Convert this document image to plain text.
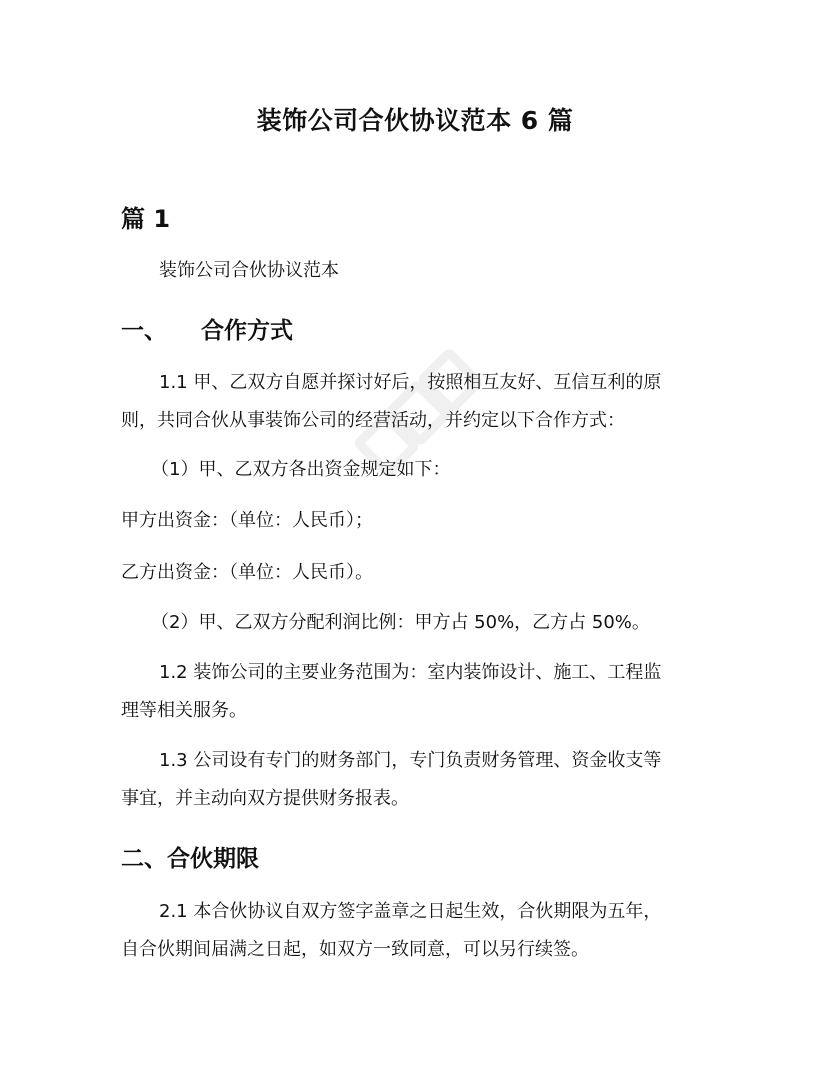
装饰公司合伙协议范本 6 篇
篇 1
装饰公司合伙协议范本
一、 合作方式
1.1 甲、乙双方自愿并探讨好后，按照相互友好、互信互利的原
则，共同合伙从事装饰公司的经营活动，并约定以下合作方式：
（1）甲、乙双方各出资金规定如下：
甲方出资金：（单位：人民币）；
乙方出资金：（单位：人民币）。
（2）甲、乙双方分配利润比例：甲方占 50%，乙方占 50%。
1.2 装饰公司的主要业务范围为：室内装饰设计、施工、工程监
理等相关服务。
1.3 公司设有专门的财务部门，专门负责财务管理、资金收支等
事宜，并主动向双方提供财务报表。
二、合伙期限
2.1 本合伙协议自双方签字盖章之日起生效，合伙期限为五年，
自合伙期间届满之日起，如双方一致同意，可以另行续签。
